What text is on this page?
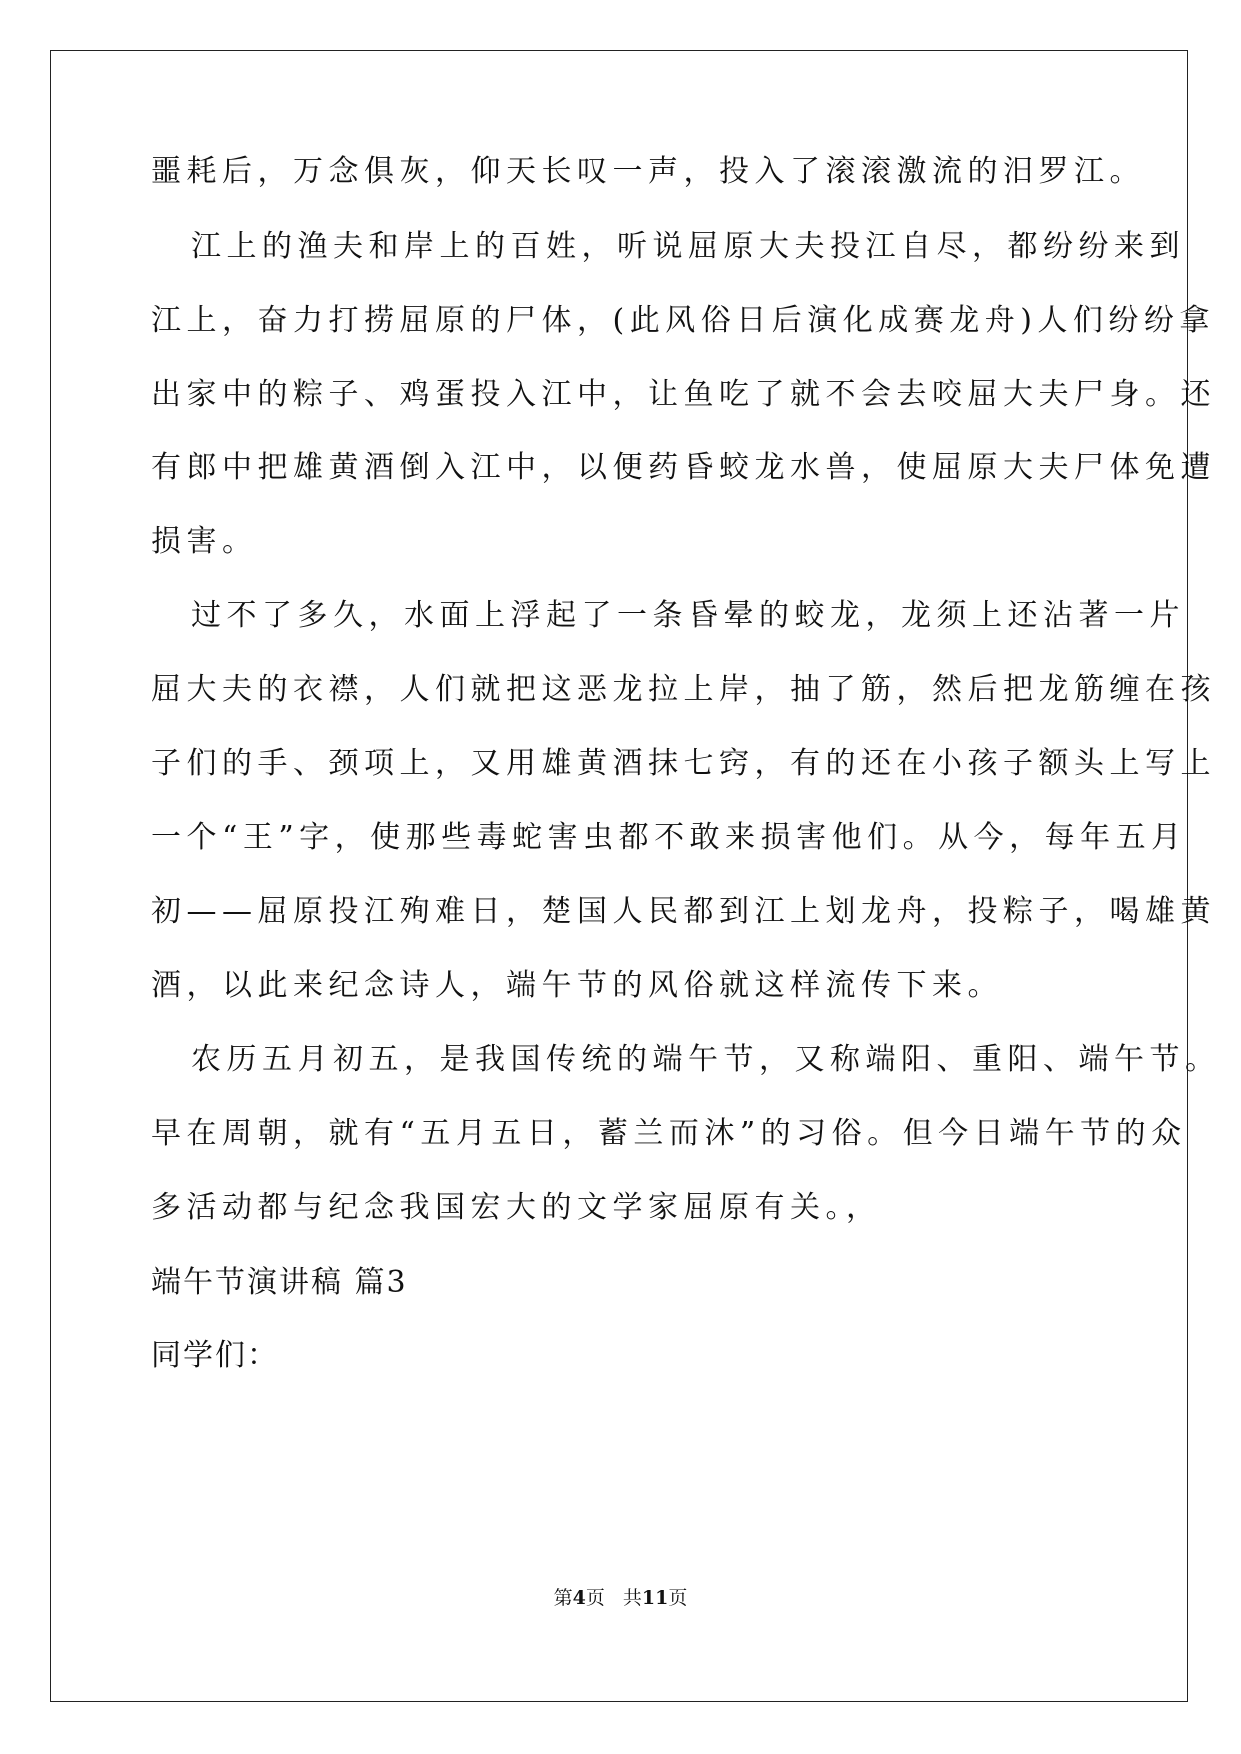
噩耗后，万念俱灰，仰天长叹一声，投入了滚滚激流的汨罗江。
江上的渔夫和岸上的百姓，听说屈原大夫投江自尽，都纷纷来到
江上，奋力打捞屈原的尸体，(此风俗日后演化成赛龙舟)人们纷纷拿
出家中的粽子、鸡蛋投入江中，让鱼吃了就不会去咬屈大夫尸身。还
有郎中把雄黄酒倒入江中，以便药昏蛟龙水兽，使屈原大夫尸体免遭
损害。
过不了多久，水面上浮起了一条昏晕的蛟龙，龙须上还沾著一片
屈大夫的衣襟，人们就把这恶龙拉上岸，抽了筋，然后把龙筋缠在孩
子们的手、颈项上，又用雄黄酒抹七窍，有的还在小孩子额头上写上
一个“王”字，使那些毒蛇害虫都不敢来损害他们。从今，每年五月
初——屈原投江殉难日，楚国人民都到江上划龙舟，投粽子，喝雄黄
酒，以此来纪念诗人，端午节的风俗就这样流传下来。
农历五月初五，是我国传统的端午节，又称端阳、重阳、端午节。
早在周朝，就有“五月五日，蓄兰而沐”的习俗。但今日端午节的众
多活动都与纪念我国宏大的文学家屈原有关。，
端午节演讲稿 篇3
同学们：
第4页 共11页
